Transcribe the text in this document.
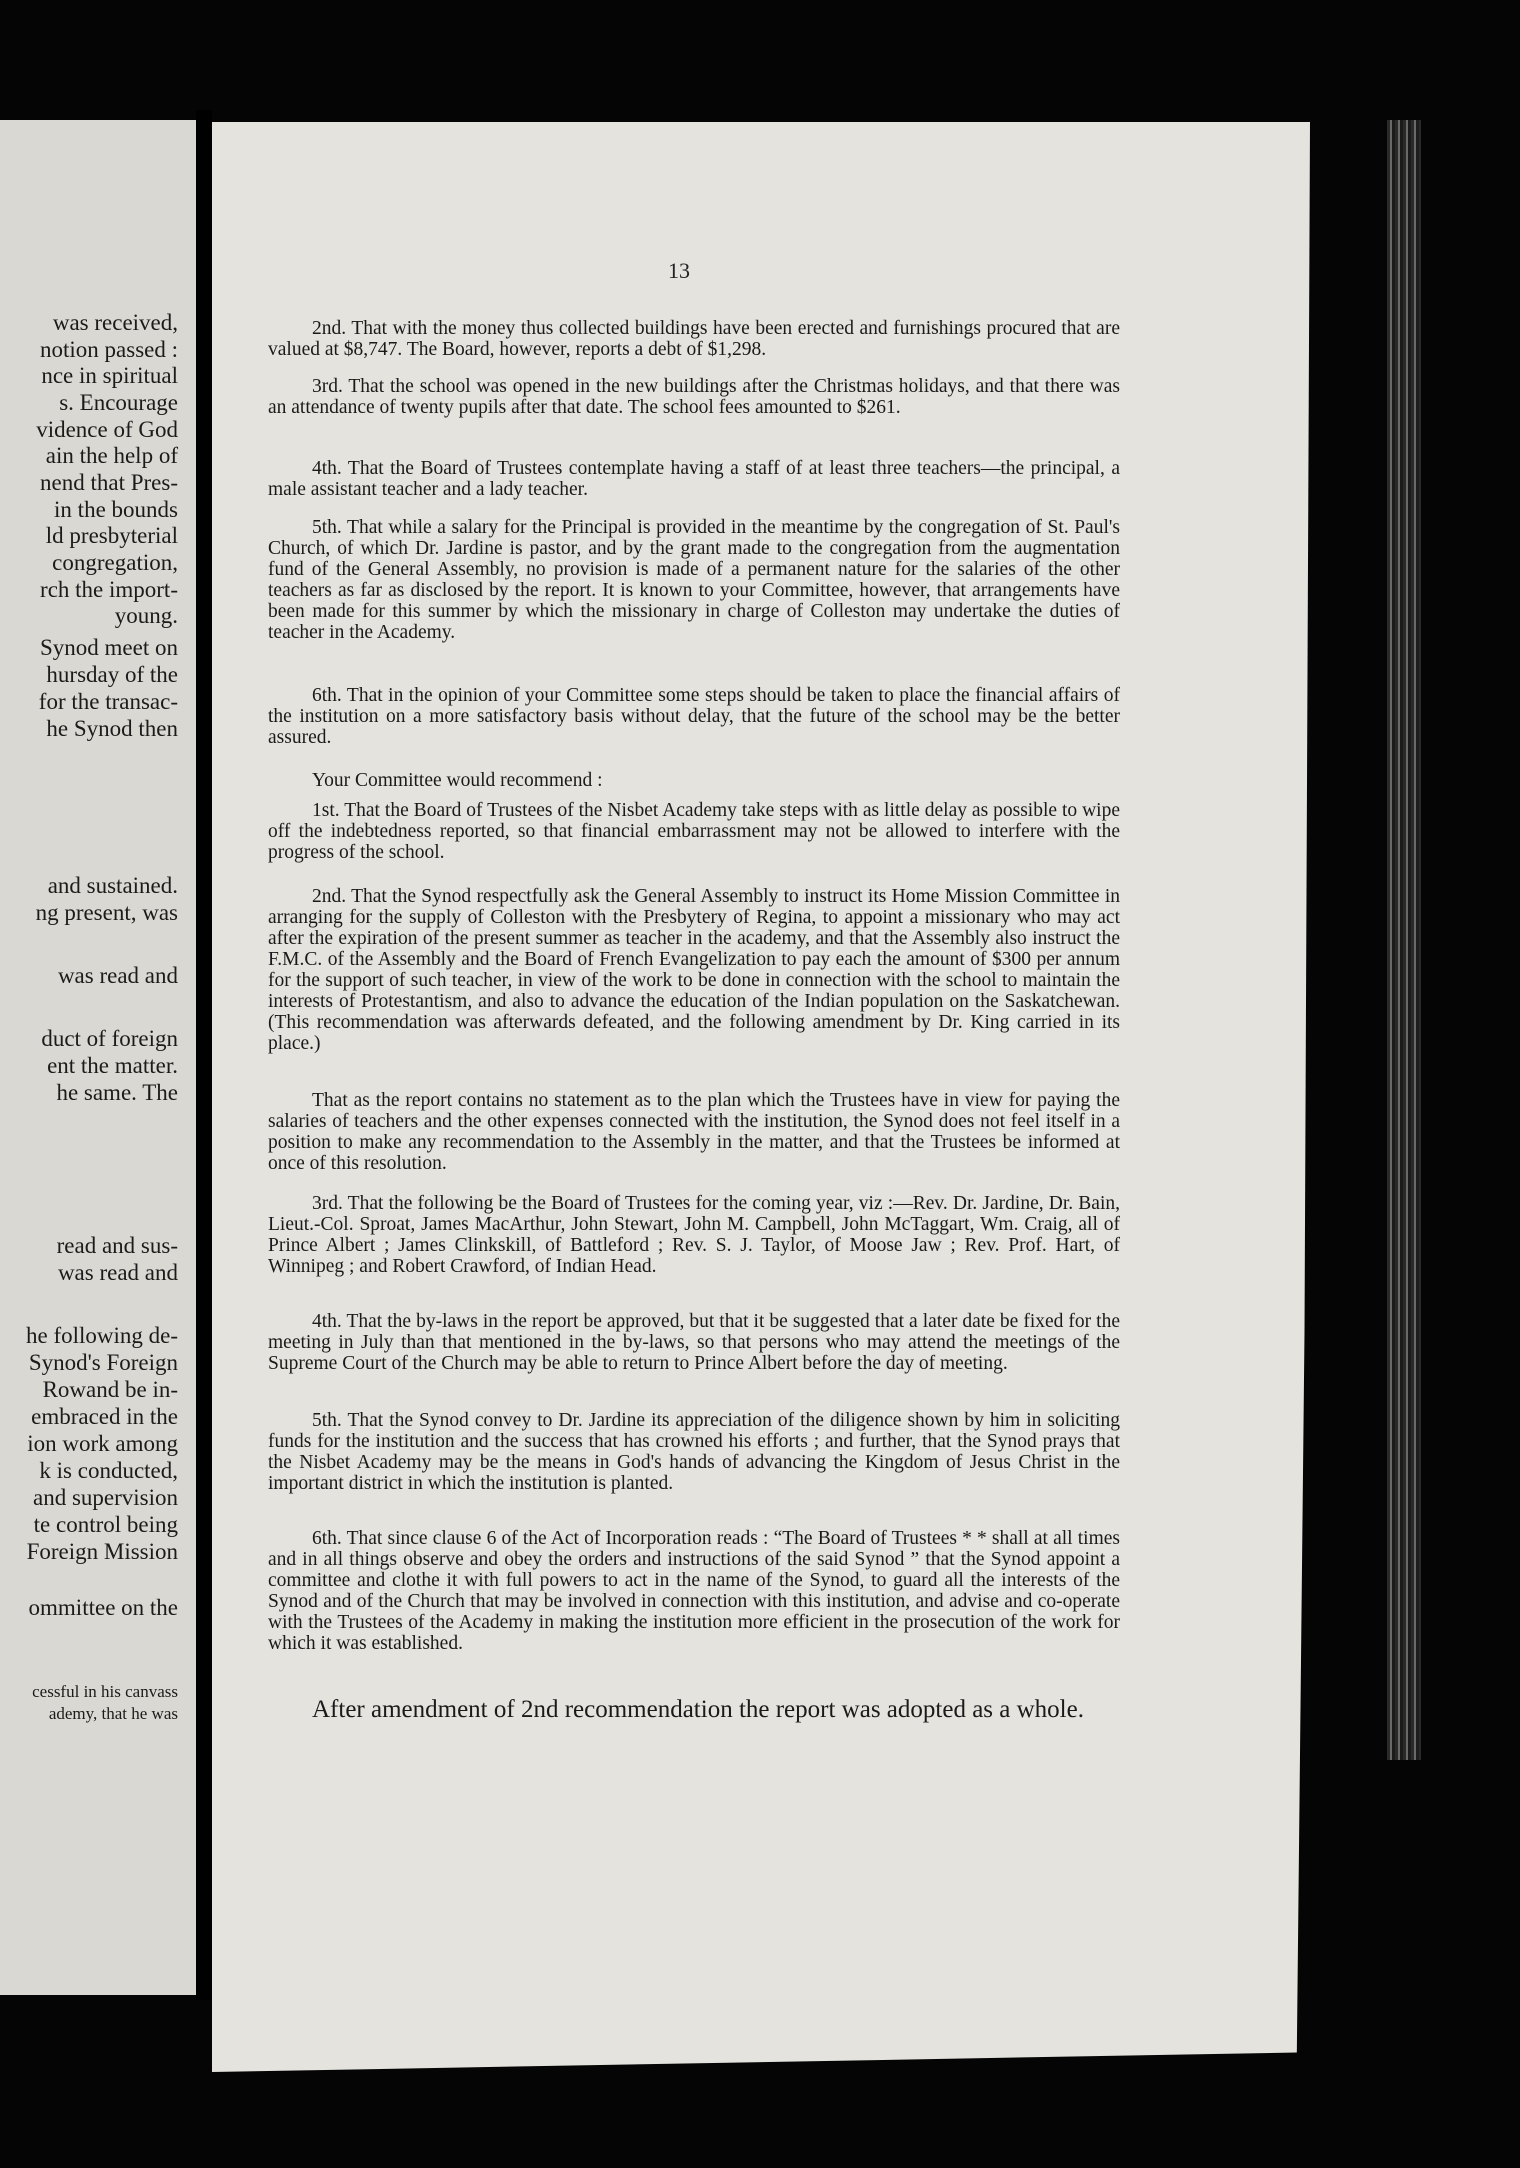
was received,
notion passed :
nce in spiritual
s. Encourage
vidence of God
ain the help of
nend that Pres-
in the bounds
ld presbyterial
congregation,
rch the import-
young.
Synod meet on
hursday of the
for the transac-
he Synod then
and sustained.
ng present, was
was read and
duct of foreign
ent the matter.
he same. The
read and sus-
was read and
he following de-
Synod's Foreign
Rowand be in-
embraced in the
ion work among
k is conducted,
and supervision
te control being
Foreign Mission
ommittee on the
cessful in his canvass
ademy, that he was
13

2nd. That with the money thus collected buildings have been erected and furnishings procured that are valued at $8,747. The Board, however, reports a debt of $1,298.

3rd. That the school was opened in the new buildings after the Christmas holidays, and that there was an attendance of twenty pupils after that date. The school fees amounted to $261.

4th. That the Board of Trustees contemplate having a staff of at least three teachers—the principal, a male assistant teacher and a lady teacher.

5th. That while a salary for the Principal is provided in the meantime by the congregation of St. Paul's Church, of which Dr. Jardine is pastor, and by the grant made to the congregation from the augmentation fund of the General Assembly, no provision is made of a permanent nature for the salaries of the other teachers as far as disclosed by the report. It is known to your Committee, however, that arrangements have been made for this summer by which the missionary in charge of Colleston may undertake the duties of teacher in the Academy.

6th. That in the opinion of your Committee some steps should be taken to place the financial affairs of the institution on a more satisfactory basis without delay, that the future of the school may be the better assured.

Your Committee would recommend :

1st. That the Board of Trustees of the Nisbet Academy take steps with as little delay as possible to wipe off the indebtedness reported, so that financial embarrassment may not be allowed to interfere with the progress of the school.

2nd. That the Synod respectfully ask the General Assembly to instruct its Home Mission Committee in arranging for the supply of Colleston with the Presbytery of Regina, to appoint a missionary who may act after the expiration of the present summer as teacher in the academy, and that the Assembly also instruct the F.M.C. of the Assembly and the Board of French Evangelization to pay each the amount of $300 per annum for the support of such teacher, in view of the work to be done in connection with the school to maintain the interests of Protestantism, and also to advance the education of the Indian population on the Saskatchewan. (This recommendation was afterwards defeated, and the following amendment by Dr. King carried in its place.)

That as the report contains no statement as to the plan which the Trustees have in view for paying the salaries of teachers and the other expenses connected with the institution, the Synod does not feel itself in a position to make any recommendation to the Assembly in the matter, and that the Trustees be informed at once of this resolution.

3rd. That the following be the Board of Trustees for the coming year, viz :—Rev. Dr. Jardine, Dr. Bain, Lieut.-Col. Sproat, James MacArthur, John Stewart, John M. Campbell, John McTaggart, Wm. Craig, all of Prince Albert ; James Clinkskill, of Battleford ; Rev. S. J. Taylor, of Moose Jaw ; Rev. Prof. Hart, of Winnipeg ; and Robert Crawford, of Indian Head.

4th. That the by-laws in the report be approved, but that it be suggested that a later date be fixed for the meeting in July than that mentioned in the by-laws, so that persons who may attend the meetings of the Supreme Court of the Church may be able to return to Prince Albert before the day of meeting.

5th. That the Synod convey to Dr. Jardine its appreciation of the diligence shown by him in soliciting funds for the institution and the success that has crowned his efforts ; and further, that the Synod prays that the Nisbet Academy may be the means in God's hands of advancing the Kingdom of Jesus Christ in the important district in which the institution is planted.

6th. That since clause 6 of the Act of Incorporation reads : “The Board of Trustees * * shall at all times and in all things observe and obey the orders and instructions of the said Synod ” that the Synod appoint a committee and clothe it with full powers to act in the name of the Synod, to guard all the interests of the Synod and of the Church that may be involved in connection with this institution, and advise and co-operate with the Trustees of the Academy in making the institution more efficient in the prosecution of the work for which it was established.

After amendment of 2nd recommendation the report was adopted as a whole.
